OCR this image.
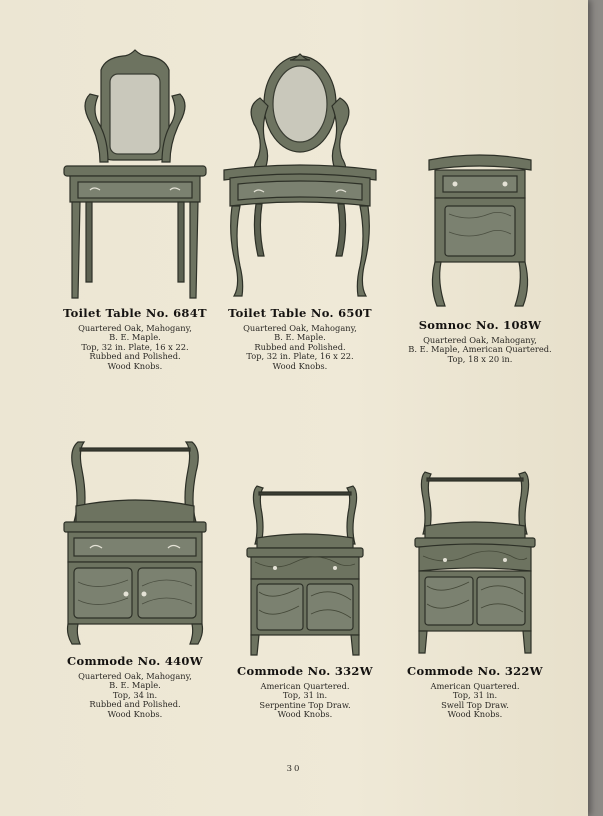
Toilet Table No. 684T
Quartered Oak, Mahogany,
B. E. Maple.
Top, 32 in. Plate, 16 x 22.
Rubbed and Polished.
Wood Knobs.
Toilet Table No. 650T
Quartered Oak, Mahogany,
B. E. Maple.
Rubbed and Polished.
Top, 32 in. Plate, 16 x 22.
Wood Knobs.
Somnoc No. 108W
Quartered Oak, Mahogany,
B. E. Maple, American Quartered.
Top, 18 x 20 in.
Commode No. 440W
Quartered Oak, Mahogany,
B. E. Maple.
Top, 34 in.
Rubbed and Polished.
Wood Knobs.
Commode No. 332W
American Quartered.
Top, 31 in.
Serpentine Top Draw.
Wood Knobs.
Commode No. 322W
American Quartered.
Top, 31 in.
Swell Top Draw.
Wood Knobs.
30
